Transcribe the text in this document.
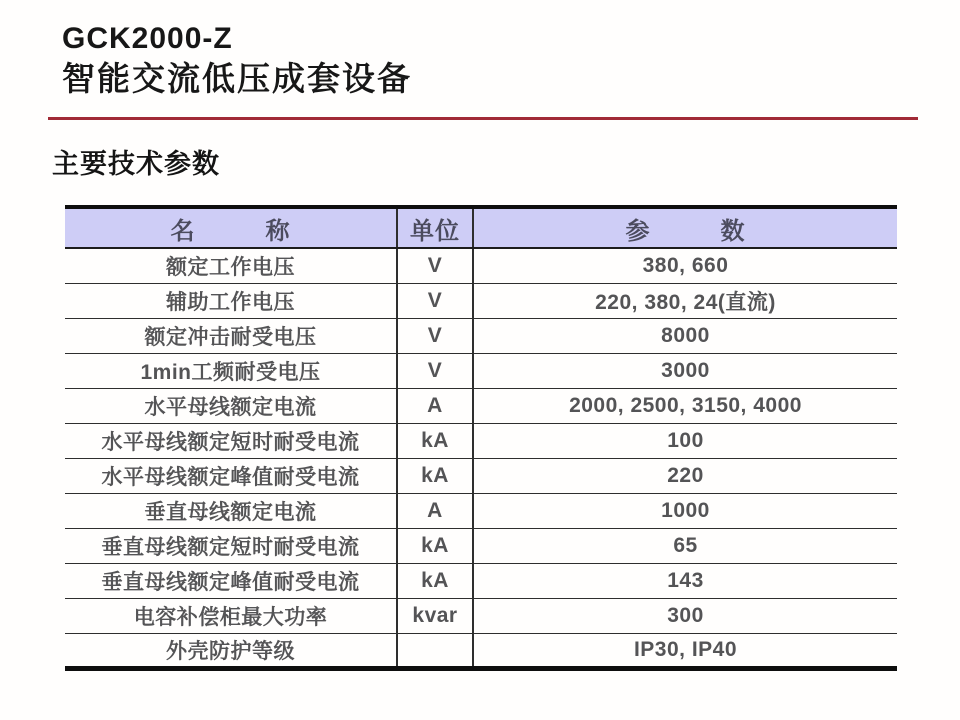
GCK2000-Z
智能交流低压成套设备
主要技术参数
名 称	单位	参 数
额定工作电压	V	380, 660
辅助工作电压	V	220, 380, 24(直流)
额定冲击耐受电压	V	8000
1min工频耐受电压	V	3000
水平母线额定电流	A	2000, 2500, 3150, 4000
水平母线额定短时耐受电流	kA	100
水平母线额定峰值耐受电流	kA	220
垂直母线额定电流	A	1000
垂直母线额定短时耐受电流	kA	65
垂直母线额定峰值耐受电流	kA	143
电容补偿柜最大功率	kvar	300
外壳防护等级		IP30, IP40
